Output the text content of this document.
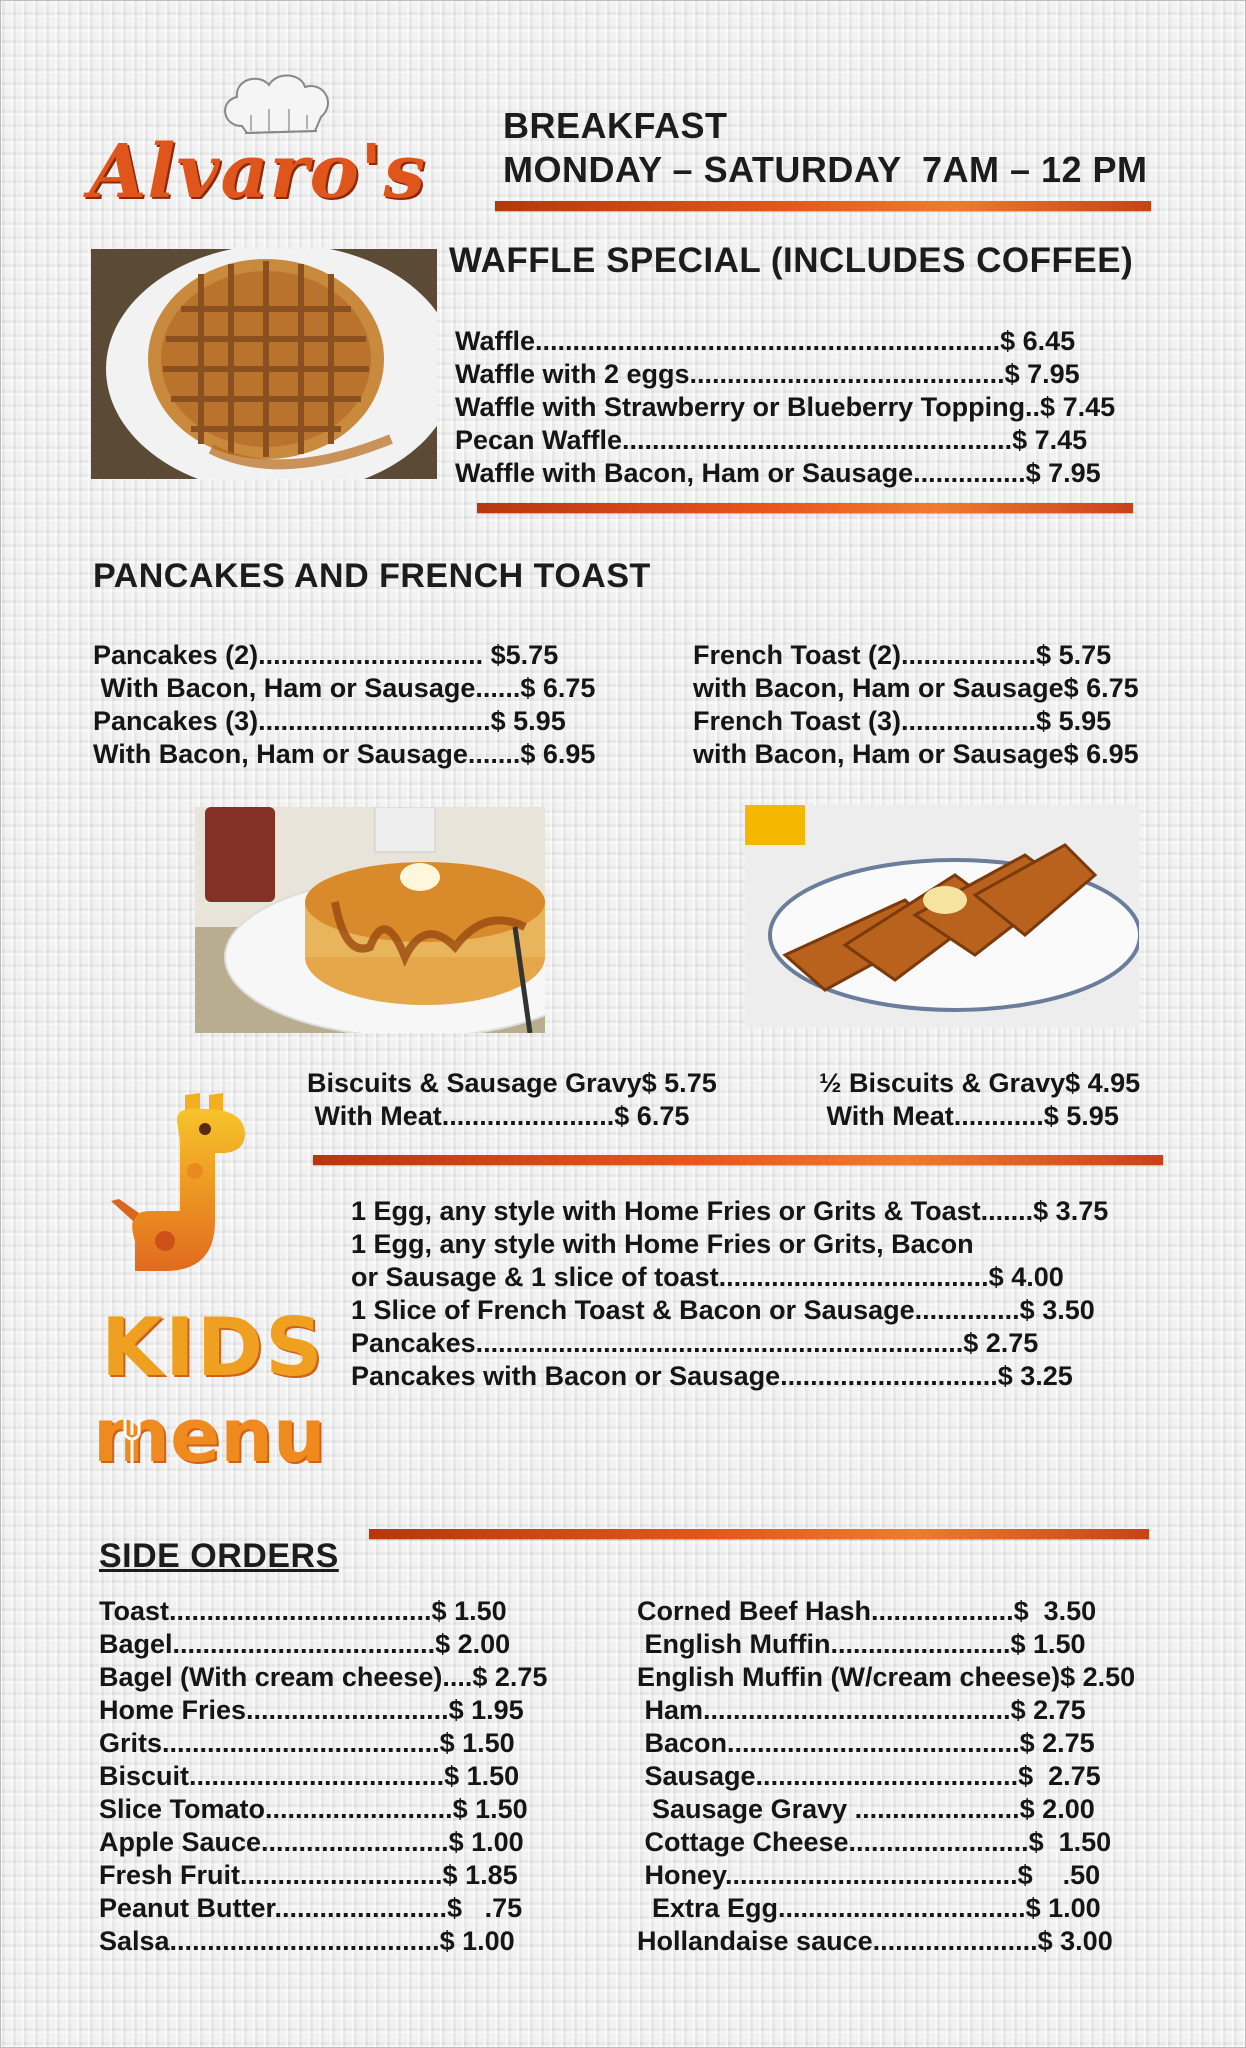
Alvaro's
BREAKFAST
MONDAY – SATURDAY  7AM – 12 PM
WAFFLE SPECIAL (INCLUDES COFFEE)
Waffle..............................................................$ 6.45
Waffle with 2 eggs..........................................$ 7.95
Waffle with Strawberry or Blueberry Topping..$ 7.45
Pecan Waffle....................................................$ 7.45
Waffle with Bacon, Ham or Sausage...............$ 7.95
PANCAKES AND FRENCH TOAST
Pancakes (2).............................. $5.75
With Bacon, Ham or Sausage......$ 6.75
Pancakes (3)...............................$ 5.95
With Bacon, Ham or Sausage.......$ 6.95
French Toast (2)..................$ 5.75
with Bacon, Ham or Sausage$ 6.75
French Toast (3)..................$ 5.95
with Bacon, Ham or Sausage$ 6.95
Biscuits & Sausage Gravy$ 5.75
With Meat.......................$ 6.75
½ Biscuits & Gravy$ 4.95
With Meat............$ 5.95
KIDS
menu
1 Egg, any style with Home Fries or Grits & Toast.......$ 3.75
1 Egg, any style with Home Fries or Grits, Bacon
or Sausage & 1 slice of toast....................................$ 4.00
1 Slice of French Toast & Bacon or Sausage..............$ 3.50
Pancakes.................................................................$ 2.75
Pancakes with Bacon or Sausage.............................$ 3.25
SIDE ORDERS
Toast...................................$ 1.50
Bagel...................................$ 2.00
Bagel (With cream cheese)....$ 2.75
Home Fries...........................$ 1.95
Grits.....................................$ 1.50
Biscuit..................................$ 1.50
Slice Tomato.........................$ 1.50
Apple Sauce.........................$ 1.00
Fresh Fruit...........................$ 1.85
Peanut Butter.......................$   .75
Salsa....................................$ 1.00
Corned Beef Hash...................$  3.50
English Muffin........................$ 1.50
English Muffin (W/cream cheese)$ 2.50
Ham.........................................$ 2.75
Bacon.......................................$ 2.75
Sausage...................................$  2.75
Sausage Gravy ......................$ 2.00
Cottage Cheese........................$  1.50
Honey.......................................$    .50
Extra Egg.................................$ 1.00
Hollandaise sauce......................$ 3.00
